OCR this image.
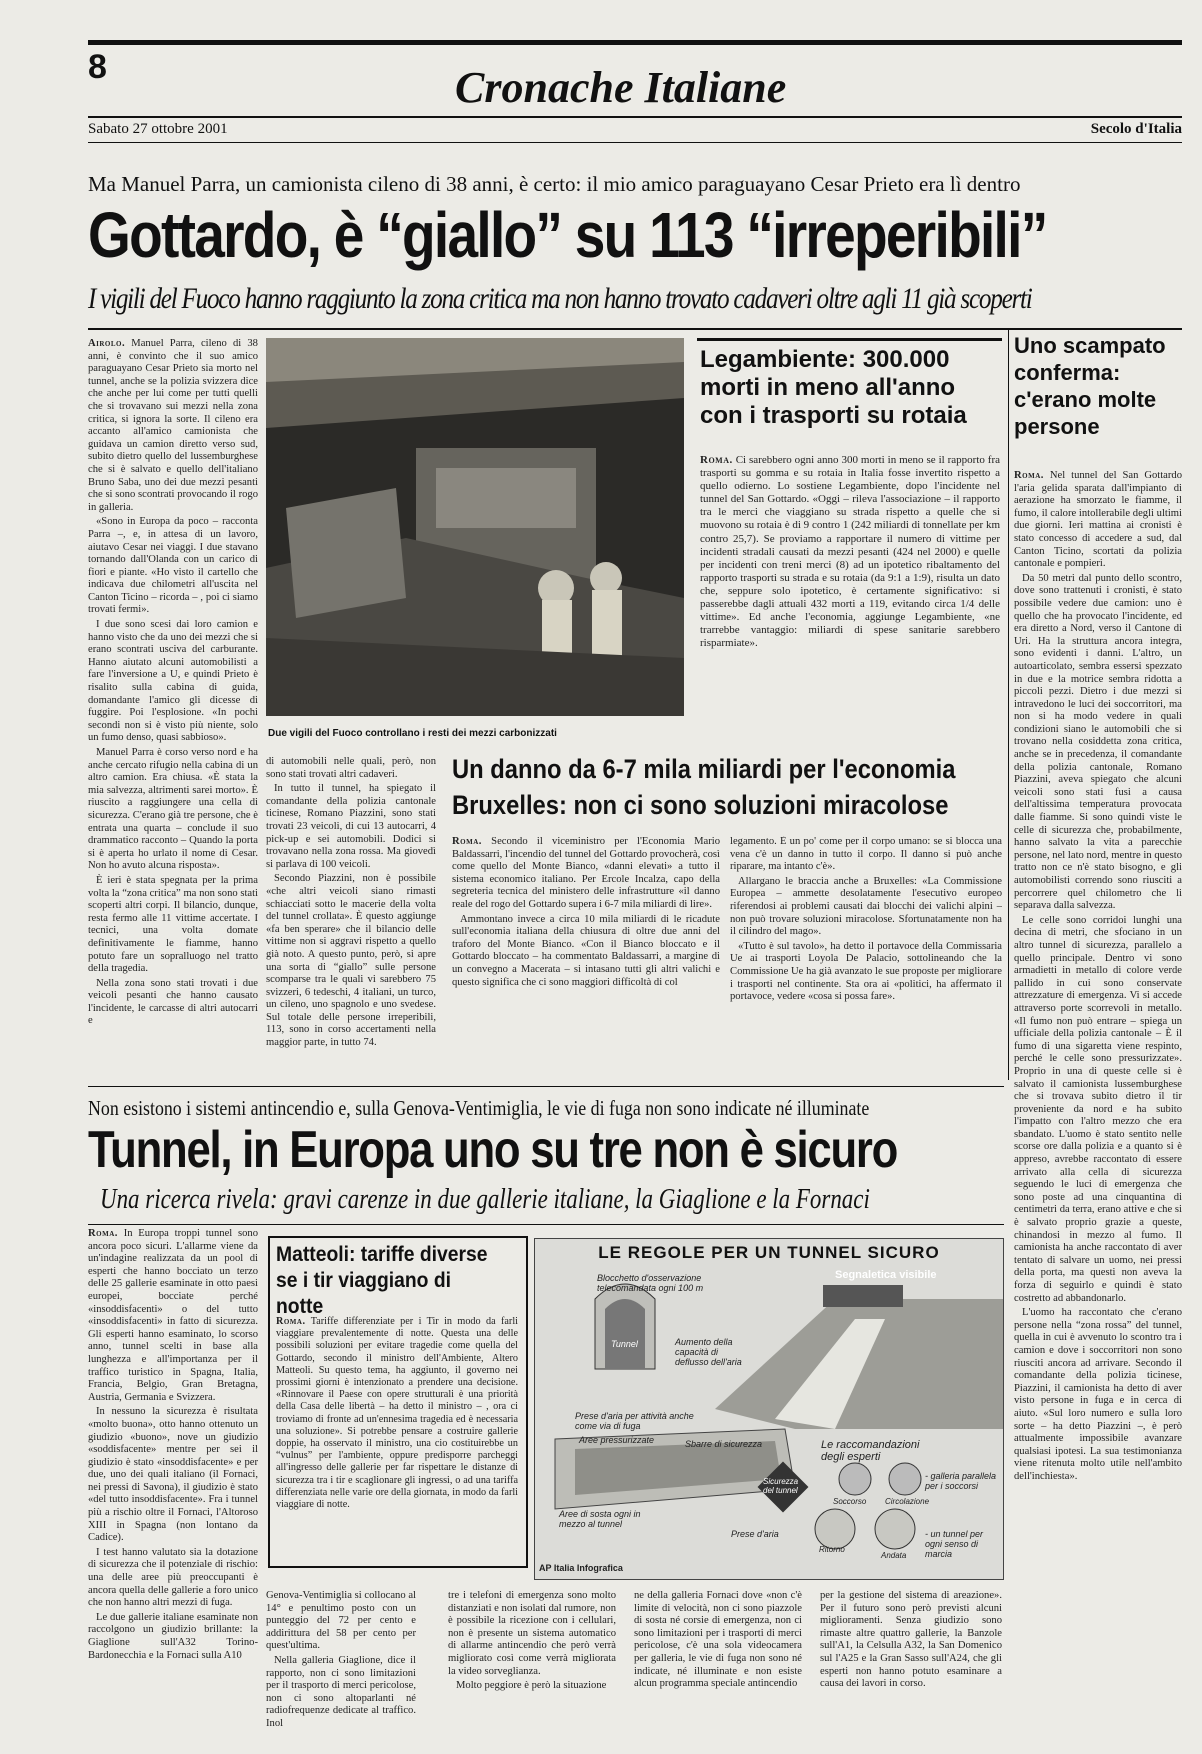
8	Cronache Italiane
Sabato 27 ottobre 2001	Secolo d'Italia
Ma Manuel Parra, un camionista cileno di 38 anni, è certo: il mio amico paraguayano Cesar Prieto era lì dentro
Gottardo, è “giallo” su 113 “irreperibili”
I vigili del Fuoco hanno raggiunto la zona critica ma non hanno trovato cadaveri oltre agli 11 già scoperti

Airolo. Manuel Parra, cileno di 38 anni, è convinto che il suo amico paraguayano Cesar Prieto sia morto nel tunnel, anche se la polizia svizzera dice che anche per lui come per tutti quelli che si trovavano sui mezzi nella zona critica, si ignora la sorte. Il cileno era accanto all'amico camionista che guidava un camion diretto verso sud, subito dietro quello del lussemburghese che si è salvato e quello dell'italiano Bruno Saba, uno dei due mezzi pesanti che si sono scontrati provocando il rogo in galleria.

«Sono in Europa da poco – racconta Parra –, e, in attesa di un lavoro, aiutavo Cesar nei viaggi. I due stavano tornando dall'Olanda con un carico di fiori e piante. «Ho visto il cartello che indicava due chilometri all'uscita nel Canton Ticino – ricorda – , poi ci siamo trovati fermi».

I due sono scesi dai loro camion e hanno visto che da uno dei mezzi che si erano scontrati usciva del carburante. Hanno aiutato alcuni automobilisti a fare l'inversione a U, e quindi Prieto è risalito sulla cabina di guida, domandante l'amico gli dicesse di fuggire. Poi l'esplosione. «In pochi secondi non si è visto più niente, solo un fumo denso, quasi sabbioso».

Manuel Parra è corso verso nord e ha anche cercato rifugio nella cabina di un altro camion. Era chiusa. «È stata la mia salvezza, altrimenti sarei morto». È riuscito a raggiungere una cella di sicurezza. C'erano già tre persone, che è entrata una quarta – conclude il suo drammatico racconto – Quando la porta si è aperta ho urlato il nome di Cesar. Non ho avuto alcuna risposta».

È ieri è stata spegnata per la prima volta la “zona critica” ma non sono stati scoperti altri corpi. Il bilancio, dunque, resta fermo alle 11 vittime accertate. I tecnici, una volta domate definitivamente le fiamme, hanno potuto fare un sopralluogo nel tratto della tragedia.

Nella zona sono stati trovati i due veicoli pesanti che hanno causato l'incidente, le carcasse di altri autocarri e

Due vigili del Fuoco controllano i resti dei mezzi carbonizzati

di automobili nelle quali, però, non sono stati trovati altri cadaveri.

In tutto il tunnel, ha spiegato il comandante della polizia cantonale ticinese, Romano Piazzini, sono stati trovati 23 veicoli, di cui 13 autocarri, 4 pick-up e sei automobili. Dodici si trovavano nella zona rossa. Ma giovedì si parlava di 100 veicoli.

Secondo Piazzini, non è possibile «che altri veicoli siano rimasti schiacciati sotto le macerie della volta del tunnel crollata». È questo aggiunge «fa ben sperare» che il bilancio delle vittime non si aggravi rispetto a quello già noto. A questo punto, però, si apre una sorta di “giallo” sulle persone scomparse tra le quali vi sarebbero 75 svizzeri, 6 tedeschi, 4 italiani, un turco, un cileno, uno spagnolo e uno svedese. Sul totale delle persone irreperibili, 113, sono in corso accertamenti nella maggior parte, in tutto 74.

Legambiente: 300.000 morti in meno all'anno con i trasporti su rotaia

Roma. Ci sarebbero ogni anno 300 morti in meno se il rapporto fra trasporti su gomma e su rotaia in Italia fosse invertito rispetto a quello odierno. Lo sostiene Legambiente, dopo l'incidente nel tunnel del San Gottardo. «Oggi – rileva l'associazione – il rapporto tra le merci che viaggiano su strada rispetto a quelle che si muovono su rotaia è di 9 contro 1 (242 miliardi di tonnellate per km contro 25,7). Se proviamo a rapportare il numero di vittime per incidenti stradali causati da mezzi pesanti (424 nel 2000) e quelle per incidenti con treni merci (8) ad un ipotetico ribaltamento del rapporto trasporti su strada e su rotaia (da 9:1 a 1:9), risulta un dato che, seppure solo ipotetico, è certamente significativo: si passerebbe dagli attuali 432 morti a 119, evitando circa 1/4 delle vittime». Ed anche l'economia, aggiunge Legambiente, «ne trarrebbe vantaggio: miliardi di spese sanitarie sarebbero risparmiate».

Uno scampato conferma: c'erano molte persone

Roma. Nel tunnel del San Gottardo l'aria gelida sparata dall'impianto di aerazione ha smorzato le fiamme, il fumo, il calore intollerabile degli ultimi due giorni. Ieri mattina ai cronisti è stato concesso di accedere a sud, dal Canton Ticino, scortati da polizia cantonale e pompieri.

Da 50 metri dal punto dello scontro, dove sono trattenuti i cronisti, è stato possibile vedere due camion: uno è quello che ha provocato l'incidente, ed era diretto a Nord, verso il Cantone di Uri. Ha la struttura ancora integra, sono evidenti i danni. L'altro, un autoarticolato, sembra essersi spezzato in due e la motrice sembra ridotta a piccoli pezzi. Dietro i due mezzi si intravedono le luci dei soccorritori, ma non si ha modo vedere in quali condizioni siano le automobili che si trovano nella cosiddetta zona critica, anche se in precedenza, il comandante della polizia cantonale, Romano Piazzini, aveva spiegato che alcuni veicoli sono stati fusi a causa dell'altissima temperatura provocata dalle fiamme. Si sono quindi viste le celle di sicurezza che, probabilmente, hanno salvato la vita a parecchie persone, nel lato nord, mentre in questo tratto non ce n'è stato bisogno, e gli automobilisti correndo sono riusciti a percorrere quel chilometro che li separava dalla salvezza.

Le celle sono corridoi lunghi una decina di metri, che sfociano in un altro tunnel di sicurezza, parallelo a quello principale. Dentro vi sono armadietti in metallo di colore verde pallido in cui sono conservate attrezzature di emergenza. Vi si accede attraverso porte scorrevoli in metallo. «Il fumo non può entrare – spiega un ufficiale della polizia cantonale – È il fumo di una sigaretta viene respinto, perché le celle sono pressurizzate». Proprio in una di queste celle si è salvato il camionista lussemburghese che si trovava subito dietro il tir proveniente da nord e ha subito l'impatto con l'altro mezzo che era sbandato. L'uomo è stato sentito nelle scorse ore dalla polizia e a quanto si è appreso, avrebbe raccontato di essere arrivato alla cella di sicurezza seguendo le luci di emergenza che sono poste ad una cinquantina di centimetri da terra, erano attive e che si è salvato proprio grazie a queste, chinandosi in mezzo al fumo. Il camionista ha anche raccontato di aver tentato di salvare un uomo, nei pressi della porta, ma questi non aveva la forza di seguirlo e quindi è stato costretto ad abbandonarlo.

L'uomo ha raccontato che c'erano persone nella “zona rossa” del tunnel, quella in cui è avvenuto lo scontro tra i camion e dove i soccorritori non sono riusciti ancora ad arrivare. Secondo il comandante della polizia ticinese, Piazzini, il camionista ha detto di aver visto persone in fuga e in cerca di aiuto. «Sul loro numero e sulla loro sorte – ha detto Piazzini –, è però attualmente impossibile avanzare qualsiasi ipotesi. La sua testimonianza viene ritenuta molto utile nell'ambito dell'inchiesta».

Un danno da 6-7 mila miliardi per l'economia
Bruxelles: non ci sono soluzioni miracolose

Roma. Secondo il viceministro per l'Economia Mario Baldassarri, l'incendio del tunnel del Gottardo provocherà, così come quello del Monte Bianco, «danni elevati» a tutto il sistema economico italiano. Per Ercole Incalza, capo della segreteria tecnica del ministero delle infrastrutture «il danno reale del rogo del Gottardo supera i 6-7 mila miliardi di lire».

Ammontano invece a circa 10 mila miliardi di le ricadute sull'economia italiana della chiusura di oltre due anni del traforo del Monte Bianco. «Con il Bianco bloccato e il Gottardo bloccato – ha commentato Baldassarri, a margine di un convegno a Macerata – si intasano tutti gli altri valichi e questo significa che ci sono maggiori difficoltà di col

legamento. È un po' come per il corpo umano: se si blocca una vena c'è un danno in tutto il corpo. Il danno si può anche riparare, ma intanto c'è».

Allargano le braccia anche a Bruxelles: «La Commissione Europea – ammette desolatamente l'esecutivo europeo riferendosi ai problemi causati dai blocchi dei valichi alpini – non può trovare soluzioni miracolose. Sfortunatamente non ha il cilindro del mago».

«Tutto è sul tavolo», ha detto il portavoce della Commissaria Ue ai trasporti Loyola De Palacio, sottolineando che la Commissione Ue ha già avanzato le sue proposte per migliorare i trasporti nel continente. Sta ora ai «politici, ha affermato il portavoce, vedere «cosa si possa fare».

Non esistono i sistemi antincendio e, sulla Genova-Ventimiglia, le vie di fuga non sono indicate né illuminate
Tunnel, in Europa uno su tre non è sicuro
Una ricerca rivela: gravi carenze in due gallerie italiane, la Giaglione e la Fornaci

Roma. In Europa troppi tunnel sono ancora poco sicuri. L'allarme viene da un'indagine realizzata da un pool di esperti che hanno bocciato un terzo delle 25 gallerie esaminate in otto paesi europei, bocciate perché «insoddisfacenti» o del tutto «insoddisfacenti» in fatto di sicurezza. Gli esperti hanno esaminato, lo scorso anno, tunnel scelti in base alla lunghezza e all'importanza per il traffico turistico in Spagna, Italia, Francia, Belgio, Gran Bretagna, Austria, Germania e Svizzera.

In nessuno la sicurezza è risultata «molto buona», otto hanno ottenuto un giudizio «buono», nove un giudizio «soddisfacente» mentre per sei il giudizio è stato «insoddisfacente» e per due, uno dei quali italiano (il Fornaci, nei pressi di Savona), il giudizio è stato «del tutto insoddisfacente». Fra i tunnel più a rischio oltre il Fornaci, l'Altoroso XIII in Spagna (non lontano da Cadice).

I test hanno valutato sia la dotazione di sicurezza che il potenziale di rischio: una delle aree più preoccupanti è ancora quella delle gallerie a foro unico che non hanno altri mezzi di fuga.

Le due gallerie italiane esaminate non raccolgono un giudizio brillante: la Giaglione sull'A32 Torino-Bardonecchia e la Fornaci sulla A10

Matteoli: tariffe diverse se i tir viaggiano di notte

Roma. Tariffe differenziate per i Tir in modo da farli viaggiare prevalentemente di notte. Questa una delle possibili soluzioni per evitare tragedie come quella del Gottardo, secondo il ministro dell'Ambiente, Altero Matteoli. Su questo tema, ha aggiunto, il governo nei prossimi giorni è intenzionato a prendere una decisione. «Rinnovare il Paese con opere strutturali è una priorità della Casa delle libertà – ha detto il ministro – , ora ci troviamo di fronte ad un'ennesima tragedia ed è necessaria una soluzione». Si potrebbe pensare a costruire gallerie doppie, ha osservato il ministro, una cio costituirebbe un “vulnus” per l'ambiente, oppure predisporre parcheggi all'ingresso delle gallerie per far rispettare le distanze di sicurezza tra i tir e scaglionare gli ingressi, o ad una tariffa differenziata nelle varie ore della giornata, in modo da farli viaggiare di notte.

LE REGOLE PER UN TUNNEL SICURO
Blocchetto d'osservazione telecomandata ogni 100 m
Segnaletica visibile
Tunnel	Aumento della capacità di deflusso dell'aria
Prese d'aria per attività anche come via di fuga
Aree pressurizzate	Sbarre di sicurezza
Sicurezza del tunnel
Le raccomandazioni degli esperti
- galleria parallela per i soccorsi
Aree di sosta ogni in mezzo al tunnel
Prese d'aria
Soccorso Circolazione
Ritorno
Andata
- un tunnel per ogni senso di marcia
AP Italia Infografica

Genova-Ventimiglia si collocano al 14° e penultimo posto con un punteggio del 72 per cento e addirittura del 58 per cento per quest'ultima.

Nella galleria Giaglione, dice il rapporto, non ci sono limitazioni per il trasporto di merci pericolose, non ci sono altoparlanti né radiofrequenze dedicate al traffico. Inol

tre i telefoni di emergenza sono molto distanziati e non isolati dal rumore, non è possibile la ricezione con i cellulari, non è presente un sistema automatico di allarme antincendio che però verrà migliorato così come verrà migliorata la video sorveglianza.

Molto peggiore è però la situazione

ne della galleria Fornaci dove «non c'è limite di velocità, non ci sono piazzole di sosta né corsie di emergenza, non ci sono limitazioni per i trasporti di merci pericolose, c'è una sola videocamera per galleria, le vie di fuga non sono né indicate, né illuminate e non esiste alcun programma speciale antincendio

per la gestione del sistema di areazione». Per il futuro sono però previsti alcuni miglioramenti. Senza giudizio sono rimaste altre quattro gallerie, la Banzole sull'A1, la Celsulla A32, la San Domenico sul l'A25 e la Gran Sasso sull'A24, che gli esperti non hanno potuto esaminare a causa dei lavori in corso.
